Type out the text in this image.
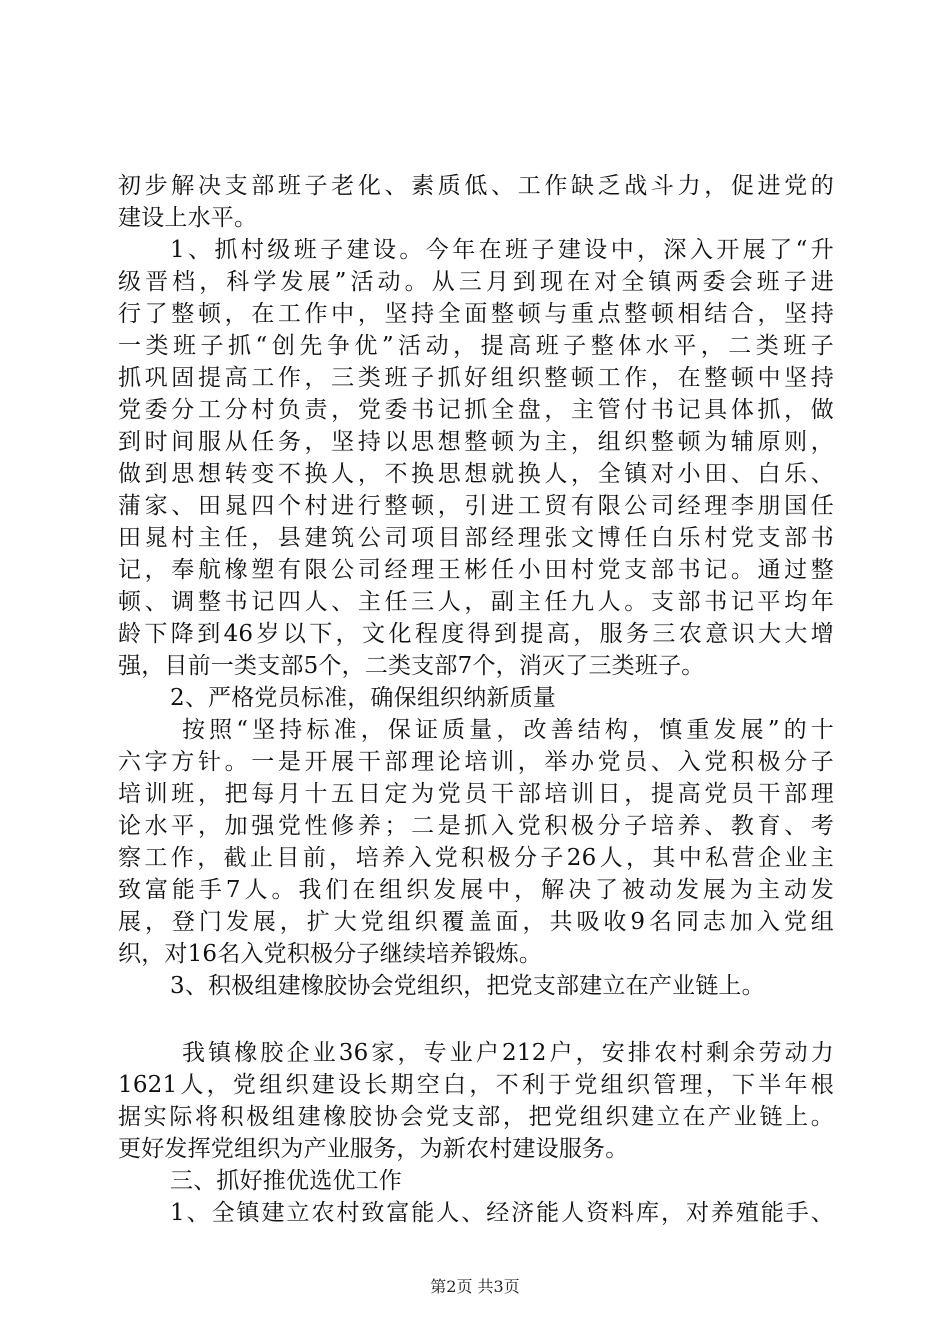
初步解决支部班子老化、素质低、工作缺乏战斗力，促进党的
建设上水平。
1、抓村级班子建设。今年在班子建设中，深入开展了“升
级晋档，科学发展”活动。从三月到现在对全镇两委会班子进
行了整顿，在工作中，坚持全面整顿与重点整顿相结合，坚持
一类班子抓“创先争优”活动，提高班子整体水平，二类班子
抓巩固提高工作，三类班子抓好组织整顿工作，在整顿中坚持
党委分工分村负责，党委书记抓全盘，主管付书记具体抓，做
到时间服从任务，坚持以思想整顿为主，组织整顿为辅原则，
做到思想转变不换人，不换思想就换人，全镇对小田、白乐、
蒲家、田晁四个村进行整顿，引进工贸有限公司经理李朋国任
田晁村主任，县建筑公司项目部经理张文博任白乐村党支部书
记，奉航橡塑有限公司经理王彬任小田村党支部书记。通过整
顿、调整书记四人、主任三人，副主任九人。支部书记平均年
龄下降到46岁以下，文化程度得到提高，服务三农意识大大增
强，目前一类支部5个，二类支部7个，消灭了三类班子。
2、严格党员标准，确保组织纳新质量
按照“坚持标准，保证质量，改善结构，慎重发展”的十
六字方针。一是开展干部理论培训，举办党员、入党积极分子
培训班，把每月十五日定为党员干部培训日，提高党员干部理
论水平，加强党性修养；二是抓入党积极分子培养、教育、考
察工作，截止目前，培养入党积极分子26人，其中私营企业主
致富能手7人。我们在组织发展中，解决了被动发展为主动发
展，登门发展，扩大党组织覆盖面，共吸收9名同志加入党组
织，对16名入党积极分子继续培养锻炼。
3、积极组建橡胶协会党组织，把党支部建立在产业链上。
我镇橡胶企业36家，专业户212户，安排农村剩余劳动力
1621人，党组织建设长期空白，不利于党组织管理，下半年根
据实际将积极组建橡胶协会党支部，把党组织建立在产业链上。
更好发挥党组织为产业服务，为新农村建设服务。
三、抓好推优选优工作
1、全镇建立农村致富能人、经济能人资料库，对养殖能手、
第2页 共3页
